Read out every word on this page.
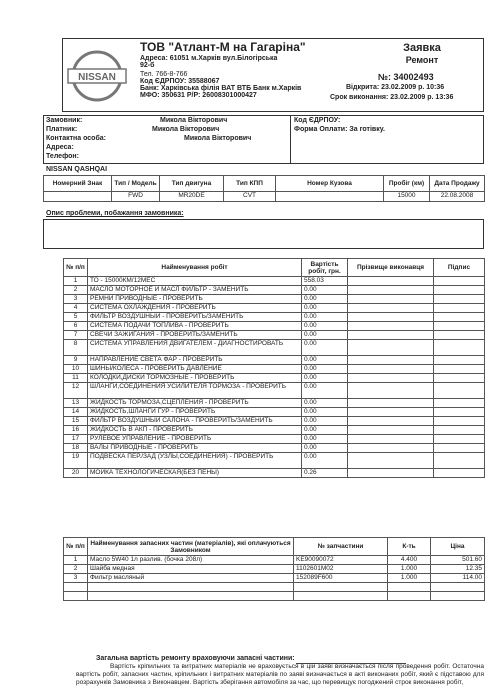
NISSAN
ТОВ "Атлант-М на Гагаріна"
Адреса: 61051 м.Харків вул.Білогірська
92-б
Тел. 766-8-766
Код ЄДРПОУ: 35588067
Банк: Харківська філія ВАТ ВТБ Банк м.Харків
МФО: 350631 Р/Р: 26008301000427
Заявка
Ремонт
№: 34002493
Відкрита: 23.02.2009 р. 10:36
Срок виконання: 23.02.2009 р. 13:36
Замовник:	Микола Вікторович
Платник:	Микола Вікторович
Контактна особа:	Микола Вікторович
Адреса:
Телефон:
Код ЄДРПОУ:
Форма Оплати: За готівку.
NISSAN QASHQAI
Номерний Знак	Тип / Модель	Тип двигуна	Тип КПП	Номер Кузова	Пробіг (км)	Дата Продажу
	FWD	MR20DE	CVT		15000	22.08.2008
Опис проблеми, побажання замовника:
№ п/п	Найменування робіт	Вартість робіт, грн.	Прізвище виконавця	Підпис
1	ТО - 15000КМ/12МЕС	558.03		
2	МАСЛО МОТОРНОЕ И МАСЛ ФИЛЬТР - ЗАМЕНИТЬ	0.00		
3	РЕМНИ ПРИВОДНЫЕ - ПРОВЕРИТЬ	0.00		
4	СИСТЕМА ОХЛАЖДЕНИЯ - ПРОВЕРИТЬ	0.00		
5	ФИЛЬТР ВОЗДУШНЫЙ - ПРОВЕРИТЬ/ЗАМЕНИТЬ	0.00		
6	СИСТЕМА ПОДАЧИ ТОПЛИВА - ПРОВЕРИТЬ	0.00		
7	СВЕЧИ ЗАЖИГАНИЯ - ПРОВЕРИТЬ/ЗАМЕНИТЬ	0.00		
8	СИСТЕМА УПРАВЛЕНИЯ ДВИГАТЕЛЕМ - ДИАГНОСТИРОВАТЬ	0.00		
9	НАПРАВЛЕНИЕ СВЕТА ФАР - ПРОВЕРИТЬ	0.00		
10	ШИНЫ/КОЛЁСА - ПРОВЕРИТЬ ДАВЛЕНИЕ	0.00		
11	КОЛОДКИ,ДИСКИ ТОРМОЗНЫЕ - ПРОВЕРИТЬ	0.00		
12	ШЛАНГИ,СОЕДИНЕНИЯ УСИЛИТЕЛЯ ТОРМОЗА - ПРОВЕРИТЬ	0.00		
13	ЖИДКОСТЬ ТОРМОЗА,СЦЕПЛЕНИЯ - ПРОВЕРИТЬ	0.00		
14	ЖИДКОСТЬ,ШЛАНГИ ГУР - ПРОВЕРИТЬ	0.00		
15	ФИЛЬТР ВОЗДУШНЫЙ САЛОНА - ПРОВЕРИТЬ/ЗАМЕНИТЬ	0.00		
16	ЖИДКОСТЬ В АКП - ПРОВЕРИТЬ	0.00		
17	РУЛЕВОЕ УПРАВЛЕНИЕ - ПРОВЕРИТЬ	0.00		
18	ВАЛЫ ПРИВОДНЫЕ - ПРОВЕРИТЬ	0.00		
19	ПОДВЕСКА ПЕР./ЗАД (УЗЛЫ,СОЕДИНЕНИЯ) - ПРОВЕРИТЬ	0.00		
20	МОЙКА ТЕХНОЛОГИЧЕСКАЯ(БЕЗ ПЕНЫ)	0.26		
№ п/п	Найменування запасних частин (матеріалів), які оплачуються Замовником	№ запчастини	К-ть	Ціна
1	Масло 5W40 1л разлив. (бочка 208л)	KE90090072	4.400	501.60
2	Шайба медная	1102601M02	1.000	12.35
3	Фильтр масляный	152089F600	1.000	114.00

Загальна вартість ремонту враховуючи запасні частини:
Вартість кріпильних та витратних матеріалів не враховується в цій заяві визначається після проведення робіт. Остаточна вартість робіт, запасних частин, кріпильних і витратних матеріалів по заяві визначається в акті виконаних робіт, який є підставою для розрахунків Замовника з Виконавцем. Вартість зберігання автомобіля за час, що перевищує погоджений строк виконання робіт,
